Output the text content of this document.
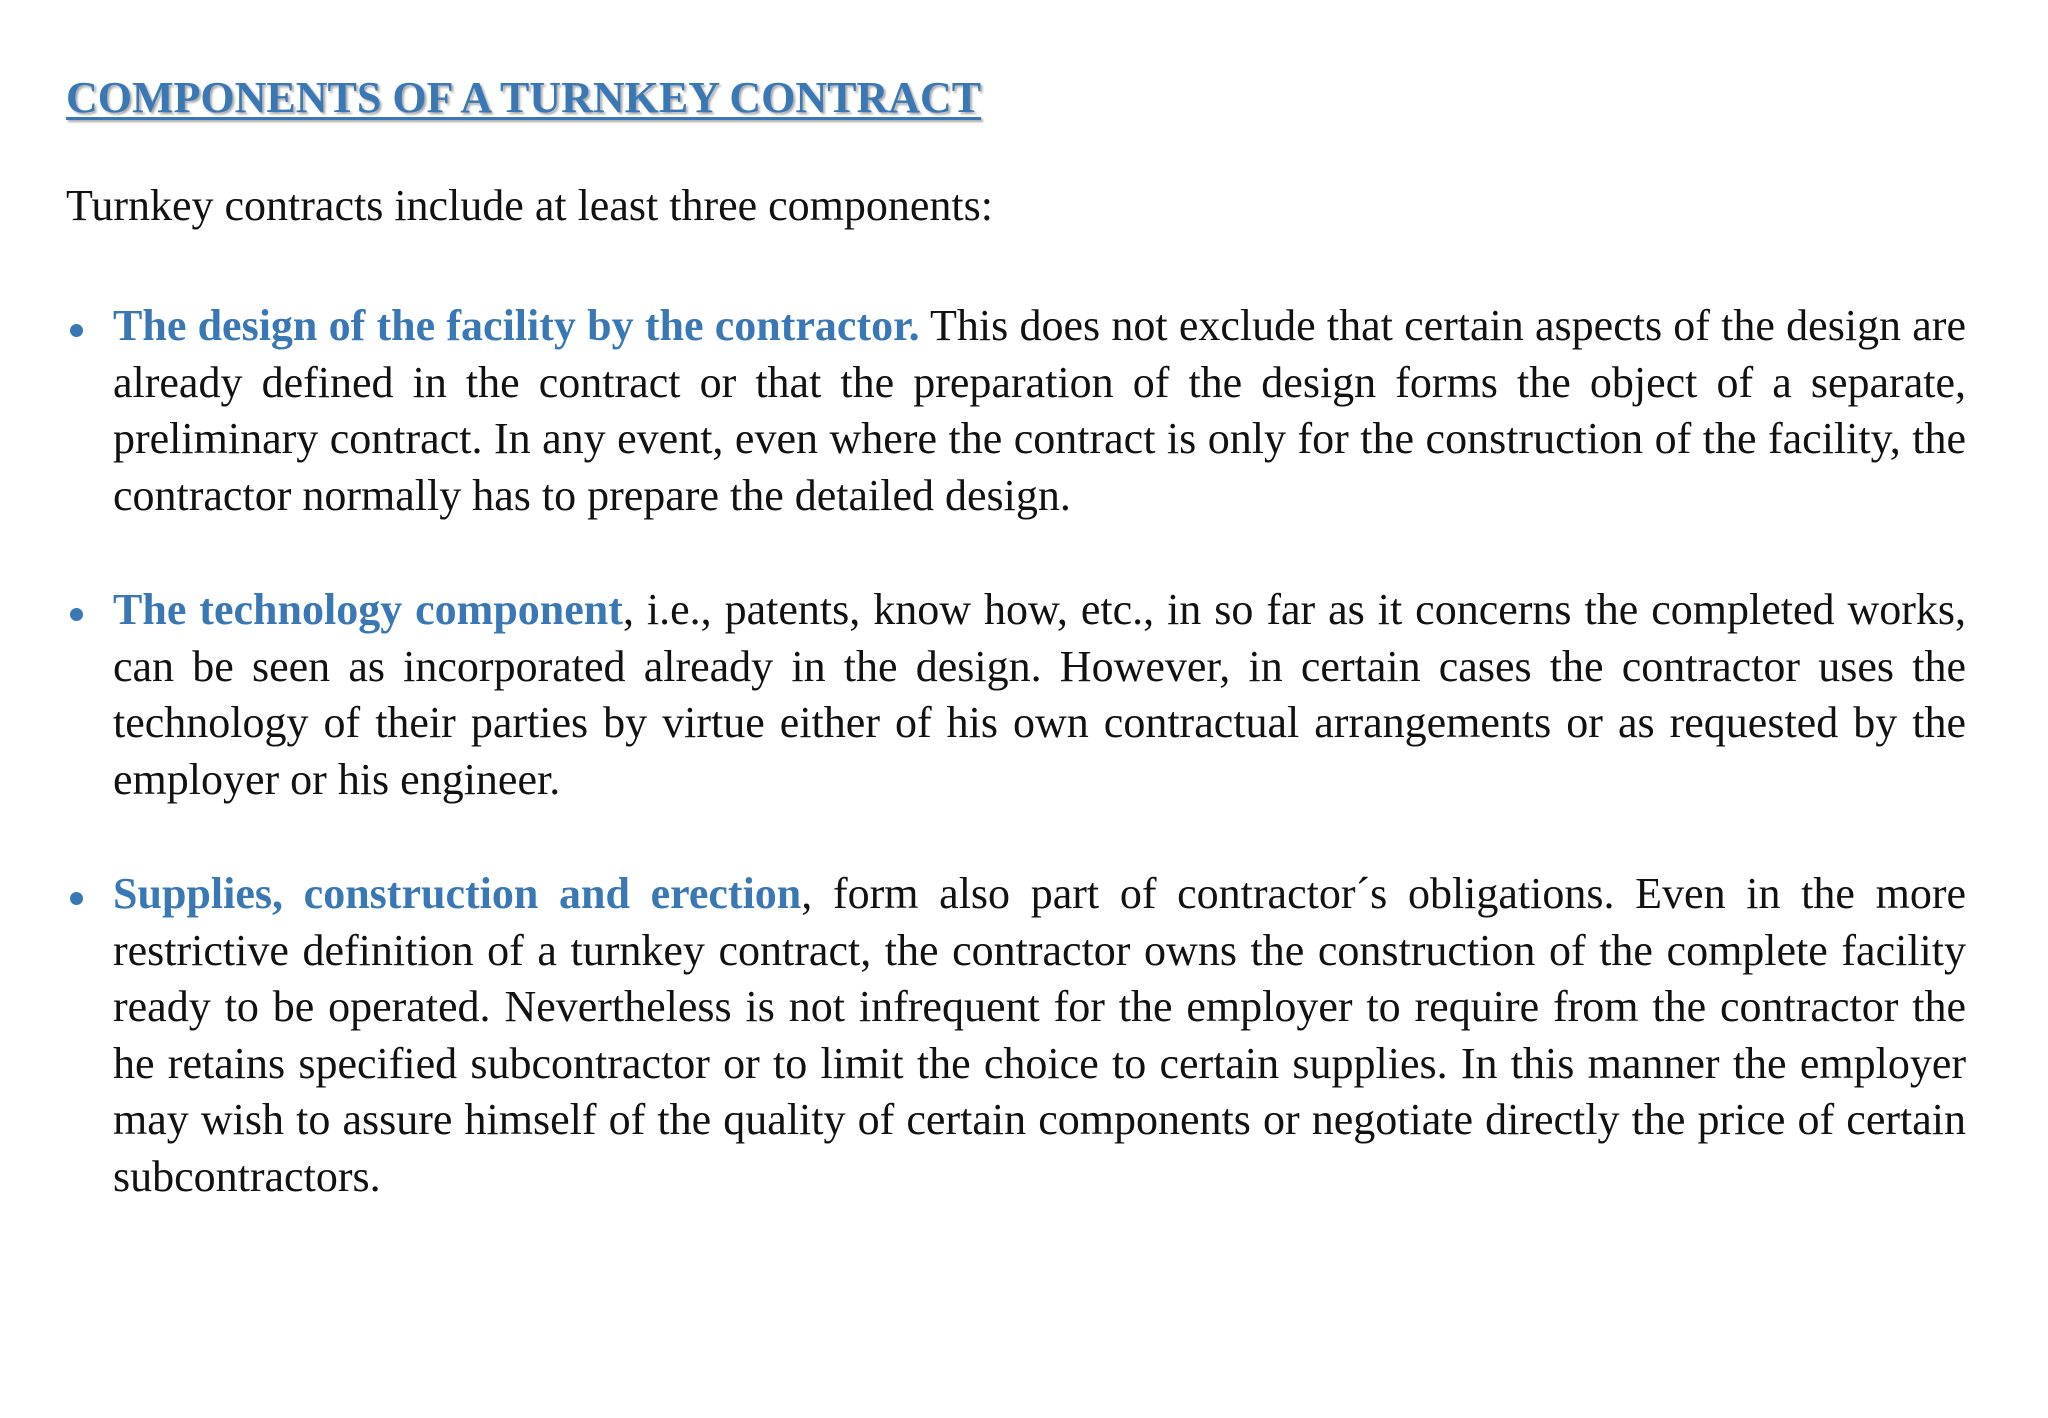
COMPONENTS OF A TURNKEY CONTRACT

Turnkey contracts include at least three components:

The design of the facility by the contractor. This does not exclude that certain aspects of the design are already defined in the contract or that the preparation of the design forms the object of a separate, preliminary contract. In any event, even where the contract is only for the construction of the facility, the contractor normally has to prepare the detailed design.
The technology component, i.e., patents, know how, etc., in so far as it concerns the completed works, can be seen as incorporated already in the design. However, in certain cases the contractor uses the technology of their parties by virtue either of his own contractual arrangements or as requested by the employer or his engineer.
Supplies, construction and erection, form also part of contractor´s obligations. Even in the more restrictive definition of a turnkey contract, the contractor owns the construction of the complete facility ready to be operated. Nevertheless is not infrequent for the employer to require from the contractor the he retains specified subcontractor or to limit the choice to certain supplies. In this manner the employer may wish to assure himself of the quality of certain components or negotiate directly the price of certain subcontractors.
